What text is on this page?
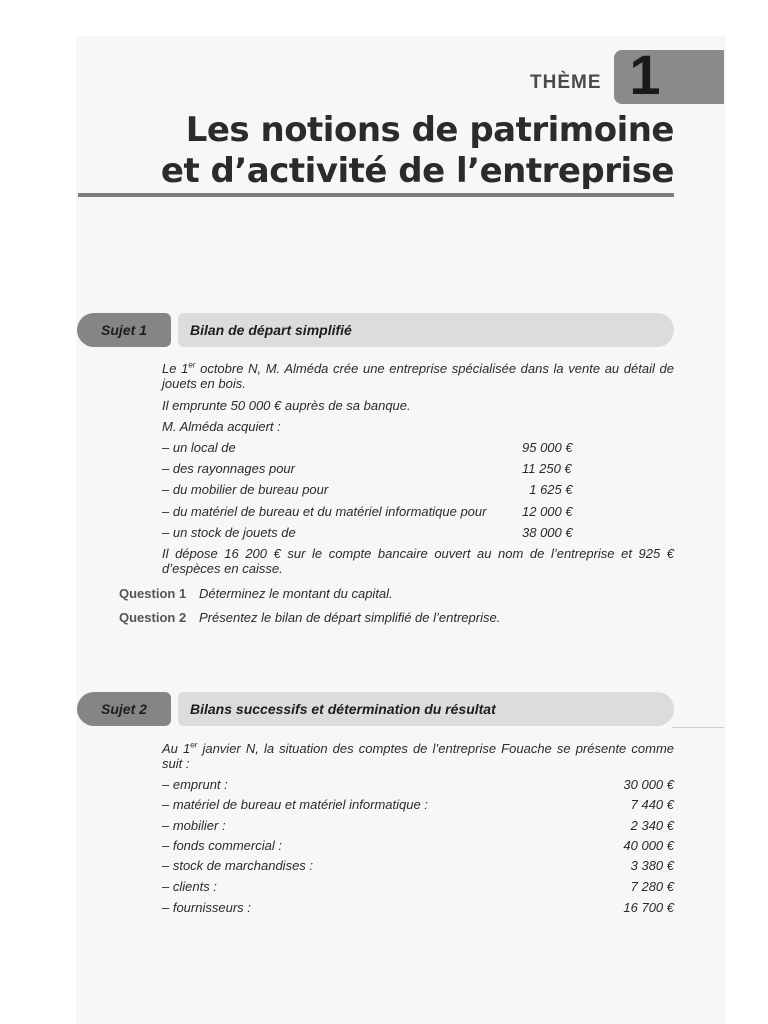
THÈME 1
Les notions de patrimoine
et d’activité de l’entreprise
Sujet 1	Bilan de départ simplifié
Le 1er octobre N, M. Alméda crée une entreprise spécialisée dans la vente au détail de jouets en bois.
Il emprunte 50 000 € auprès de sa banque.
M. Alméda acquiert :
– un local de	95 000 €
– des rayonnages pour	11 250 €
– du mobilier de bureau pour	1 625 €
– du matériel de bureau et du matériel informatique pour	12 000 €
– un stock de jouets de	38 000 €
Il dépose 16 200 € sur le compte bancaire ouvert au nom de l’entreprise et 925 € d’espèces en caisse.
Question 1 Déterminez le montant du capital.
Question 2 Présentez le bilan de départ simplifié de l’entreprise.
Sujet 2	Bilans successifs et détermination du résultat
Au 1er janvier N, la situation des comptes de l’entreprise Fouache se présente comme suit :
– emprunt :	30 000 €
– matériel de bureau et matériel informatique :	7 440 €
– mobilier :	2 340 €
– fonds commercial :	40 000 €
– stock de marchandises :	3 380 €
– clients :	7 280 €
– fournisseurs :	16 700 €
